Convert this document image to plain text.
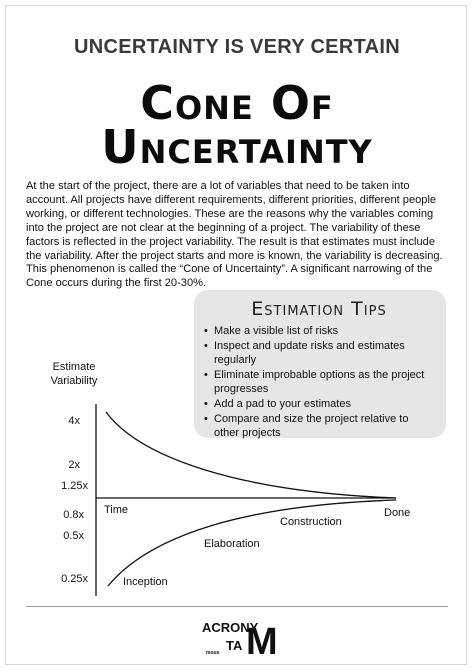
UNCERTAINTY IS VERY CERTAIN
Cone Of
Uncertainty

At the start of the project, there are a lot of variables that need to be taken into account. All projects have different requirements, different priorities, different people working, or different technologies. These are the reasons why the variables coming into the project are not clear at the beginning of a project. The variability of these factors is reflected in the project variability. The result is that estimates must include the variability. After the project starts and more is known, the variability is decreasing. This phenomenon is called the “Cone of Uncertainty”. A significant narrowing of the Cone occurs during the first 20-30%.

Estimation Tips
• Make a visible list of risks
• Inspect and update risks and estimates regularly
• Eliminate improbable options as the project progresses
• Add a pad to your estimates
• Compare and size the project relative to other projects
Estimate
Variability
4x
2x
1.25x
0.8x
0.5x
0.25x
Time	Done
Construction
Elaboration
Inception
ACRONY
TA
mous M
